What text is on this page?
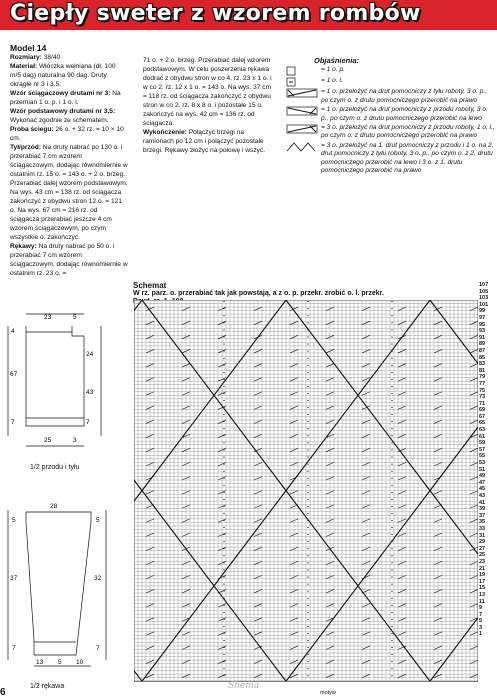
Ciepły sweter z wzorem rombów

Model 14

Rozmiary: 38/40

Materiał: Włóczka wełniana (dł. 100 m/5 dag) naturalna 90 dag. Druty okrągłe nr 3 i 3,5.

Wzór ściągaczowy drutami nr 3: Na przemian 1 o. p. i 1 o. l.

Wzór podstawowy drutami nr 3,5: Wykonać zgodnie ze schematem.

Próba ściegu: 26 o. + 32 rz. = 10 × 10 cm.

Tył/przód: Na druty nabrać po 130 o. i przerabiać 7 cm wzorem ściągaczowym, dodając równomiernie w ostatnim rz. 15 o. = 143 o. + 2 o. brzeg. Przerabiać dalej wzorem podstawowym. Na wys. 43 cm = 138 rz. od ściągacza zakończyć z obydwu stron 12 o. = 121 o. Na wys. 67 cm = 216 rz. od ściągacza przerabiać jeszcze 4 cm wzorem ściągaczowym, po czym wszystkie o. zakończyć.

Rękawy: Na druty nabrać po 50 o. i przerabiać 7 cm wzorem ściągaczowym, dodając równomiernie w ostatnim rz. 23 o. =

71 o. + 2 o. brzeg. Przerabiać dalej wzorem podstawowym. W celu poszerzenia rękawa dodrać z obydwu stron w co 4. rz. 23 x 1 o. i w co 2. rz. 12 x 1 o. = 143 o. Na wys. 37 cm = 118 rz. od ściągacza zakończyć z obydwu stron w co 2. rz. 8 x 8 o. i pozostałe 15 o. zakończyć na wys. 42 cm = 136 rz. od ściągacza.

Wykończenie: Połączyć brzegi na ramionach po 12 cm i połączyć pozostałe brzegi. Rękawy złożyć na połowę i wszyć.

Objaśnienia:
= 1 o. p.
= 1 o. l.
= 1 o. przełożyć na drut pomocniczy z tyłu roboty, 3 o. p., po czym o. z drutu pomocniczego przerobić na prawo
= 1 o. przełożyć na drut pomocniczy z przodu roboty, 3 o. p., po czym o. z drutu pomocniczego przerobić na lewo
= 3 o. przełożyć na drut pomocniczy z przodu roboty, 1 o. l., po czym o. z drutu pomocniczego przerobić na prawo
= 3 o. przełożyć na 1. drut pomocniczy z przodu i 1 o. na 2. drut pomocniczy z tyłu roboty, 3 o. p., po czym o. z 2. drutu pomocniczego przerobić na lewo i 3 o. z 1. drutu pomocniczego przerobić na prawo
23	5
4
24
67
43
7	7
25	3
1/2 przodu i tyłu
28
5	5
37	32
7	7
13 5 10
1/2 rękawa
Schemat
W rz. parz. o. przerabiać tak jak powstają, a z o. p. przekr. zrobić o. l. przekr.
107
105
103
101
99
97
95
93
91
89
87
85
83
81
79
77
75
73
71
69
67
65
63
61
59
57
55
53
51
49
47
45
43
41
39
37
35
33
31
29
27
25
23
21
19
17
15
13
11
9
7
5
3
1
motyw
Shema
6
